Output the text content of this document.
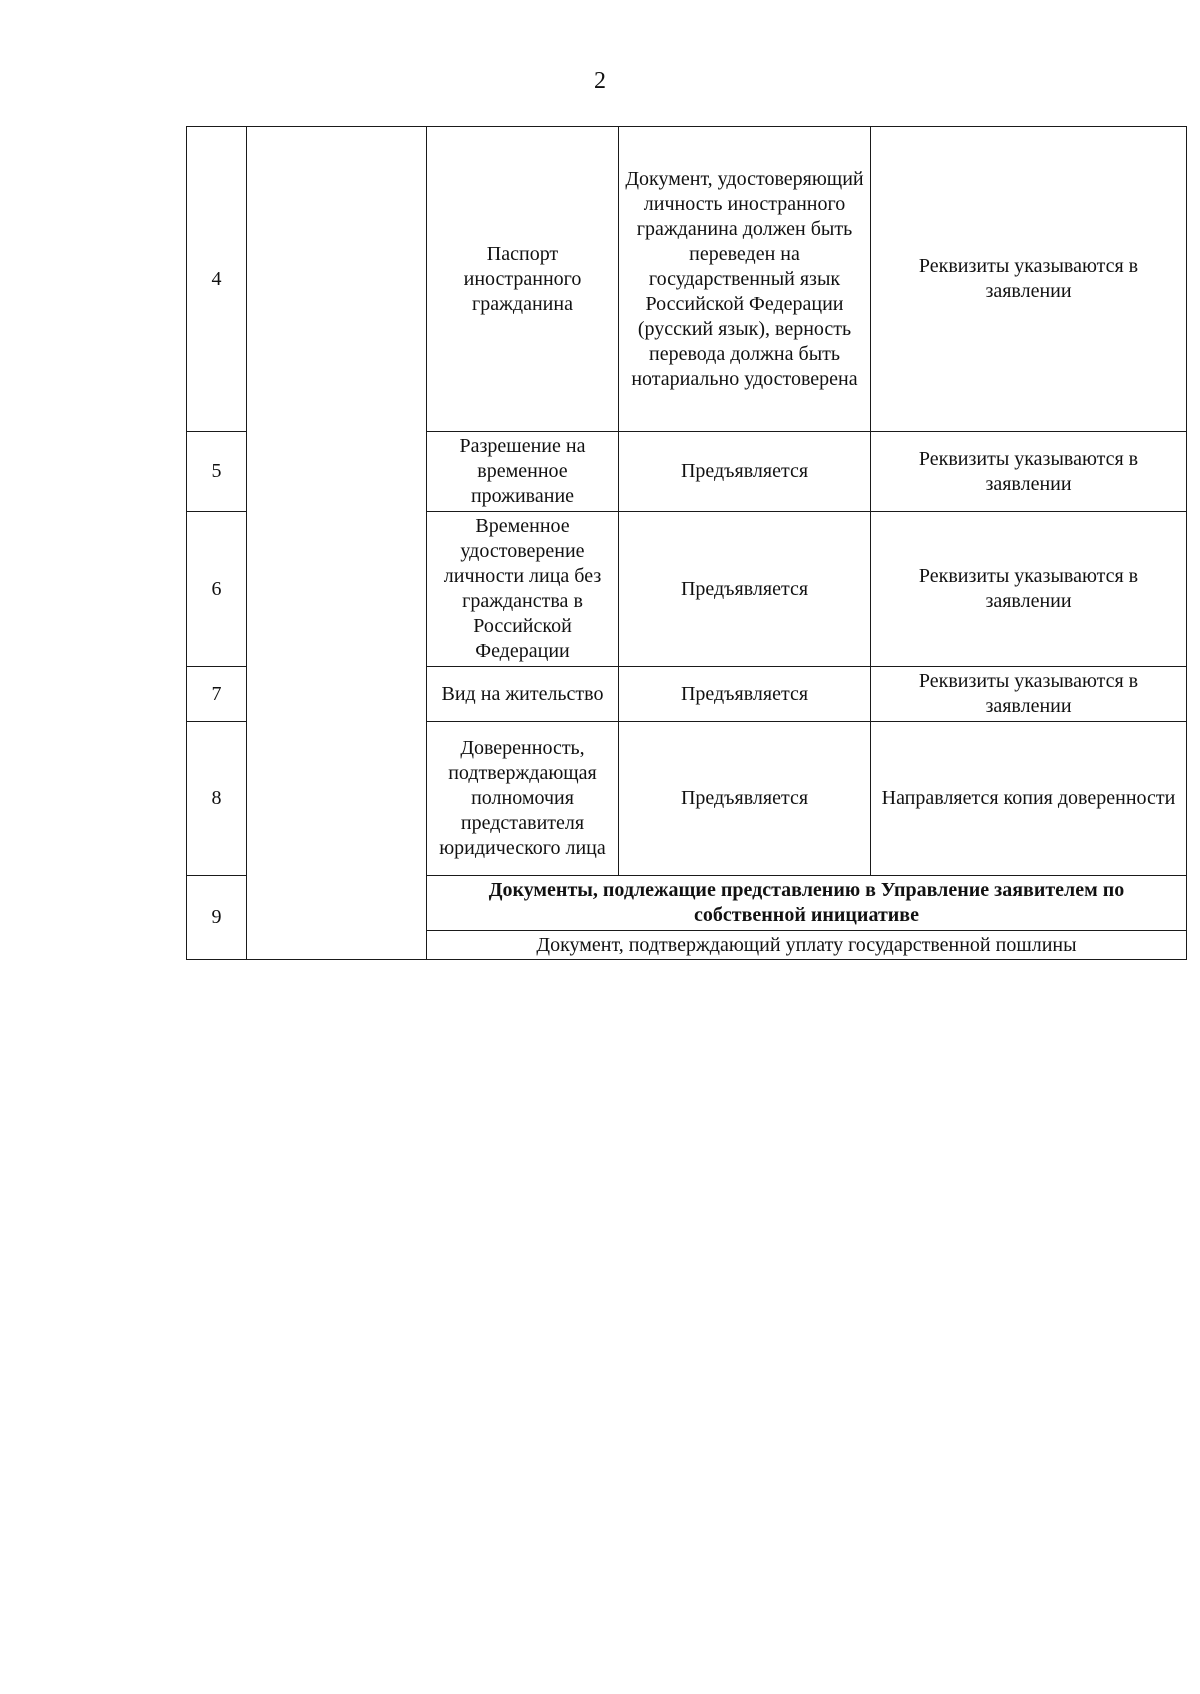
2
4		Паспорт иностранного гражданина	Документ, удостоверяющий личность иностранного гражданина должен быть переведен на государственный язык Российской Федерации (русский язык), верность перевода должна быть нотариально удостоверена	Реквизиты указываются в заявлении
5		Разрешение на временное проживание	Предъявляется	Реквизиты указываются в заявлении
6		Временное удостоверение личности лица без гражданства в Российской Федерации	Предъявляется	Реквизиты указываются в заявлении
7		Вид на жительство	Предъявляется	Реквизиты указываются в заявлении
8		Доверенность, подтверждающая полномочия представителя юридического лица	Предъявляется	Направляется копия доверенности
9		Документы, подлежащие представлению в Управление заявителем по собственной инициативе		
		Документ, подтверждающий уплату государственной пошлины		
